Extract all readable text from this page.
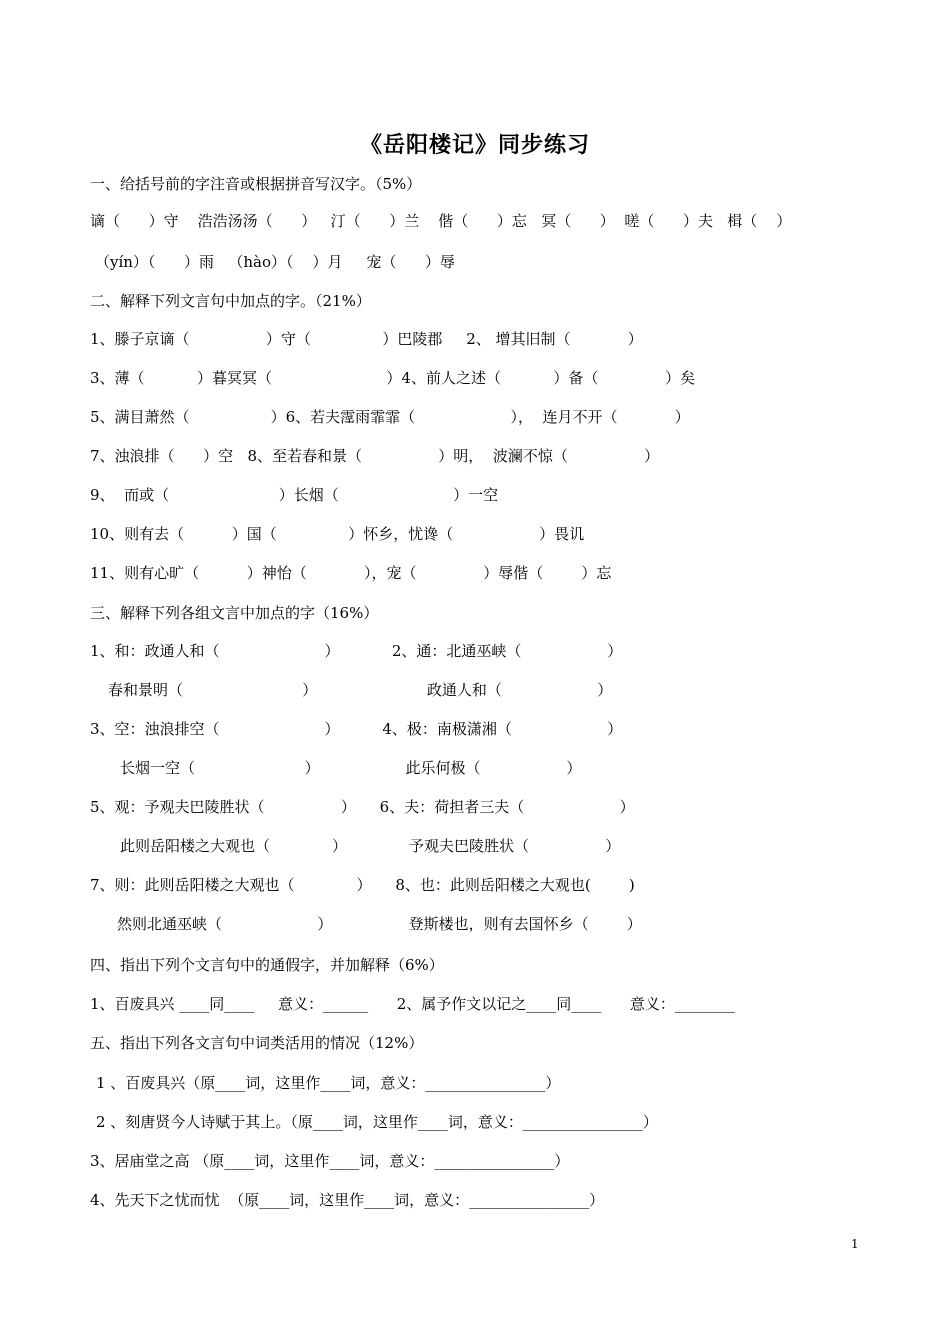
《岳阳楼记》同步练习
一、给括号前的字注音或根据拼音写汉字。（5%）
谪（      ）守    浩浩汤汤（      ）   汀（      ）兰    偕（      ）忘   冥（      ）  嗟（      ）夫   楫（    ）
（yín）（      ）雨   （hào）（    ）月     宠（      ）辱
二、解释下列文言句中加点的字。（21%）
1、滕子京谪（                ）守（               ）巴陵郡     2、 增其旧制（            ）
3、薄（           ）暮冥冥（                        ）4、前人之述（           ）备（              ）矣
5、满目萧然（                 ）6、若夫霪雨霏霏（                    ），  连月不开（            ）
7、浊浪排（      ）空   8、至若春和景（                ）明，  波澜不惊（                ）
9、  而或（                       ）长烟（                        ）一空
10、则有去（          ）国（               ）怀乡，忧谗（                  ）畏讥
11、则有心旷（          ）神怡（            ），宠（              ）辱偕（        ）忘
三、解释下列各组文言中加点的字（16%）
1、和：政通人和（                      ）           2、通：北通巫峡（                  ）
春和景明（                         ）                       政通人和（                    ）
3、空：浊浪排空（                      ）         4、极：南极潇湘（                    ）
长烟一空（                       ）                  此乐何极（                  ）
5、观：予观夫巴陵胜状（                ）     6、夫：荷担者三夫（                    ）
此则岳阳楼之大观也（             ）             予观夫巴陵胜状（                ）
7、则：此则岳阳楼之大观也（             ）     8、也：此则岳阳楼之大观也(        )
然则北通巫峡（                    ）                登斯楼也，则有去国怀乡（        ）
四、指出下列个文言句中的通假字，并加解释（6%）
1、百废具兴 ____同____     意义：______      2、属予作文以记之____同____      意义：________
五、指出下列各文言句中词类活用的情况（12%）
1 、百废具兴（原____词，这里作____词，意义：________________）
2 、刻唐贤今人诗赋于其上。（原____词，这里作____词，意义：________________）
3、居庙堂之高 （原____词，这里作____词，意义：________________）
4、先天下之忧而忧  （原____词，这里作____词，意义：________________）
1
